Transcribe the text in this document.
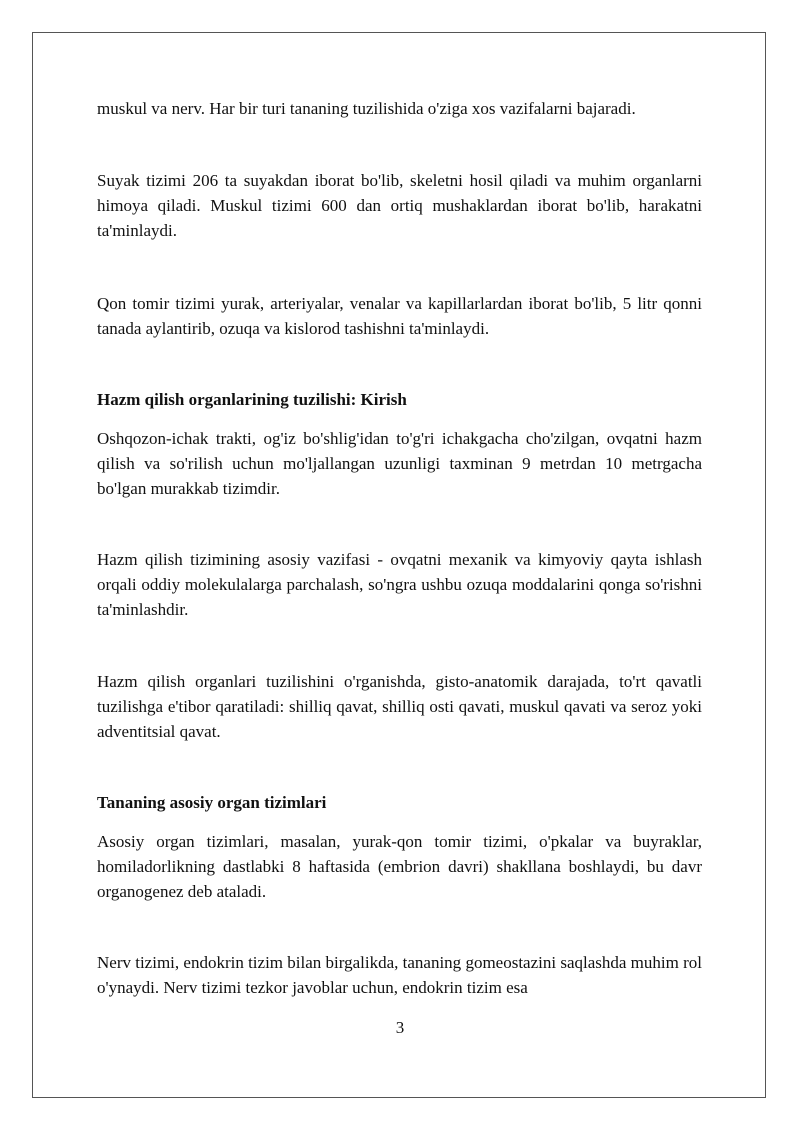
muskul va nerv. Har bir turi tananing tuzilishida o'ziga xos vazifalarni bajaradi.

Suyak tizimi 206 ta suyakdan iborat bo'lib, skeletni hosil qiladi va muhim organlarni himoya qiladi. Muskul tizimi 600 dan ortiq mushaklardan iborat bo'lib, harakatni ta'minlaydi.

Qon tomir tizimi yurak, arteriyalar, venalar va kapillarlardan iborat bo'lib, 5 litr qonni tanada aylantirib, ozuqa va kislorod tashishni ta'minlaydi.

Hazm qilish organlarining tuzilishi: Kirish

Oshqozon-ichak trakti, og'iz bo'shlig'idan to'g'ri ichakgacha cho'zilgan, ovqatni hazm qilish va so'rilish uchun mo'ljallangan uzunligi taxminan 9 metrdan 10 metrgacha bo'lgan murakkab tizimdir.

Hazm qilish tizimining asosiy vazifasi - ovqatni mexanik va kimyoviy qayta ishlash orqali oddiy molekulalarga parchalash, so'ngra ushbu ozuqa moddalarini qonga so'rishni ta'minlashdir.

Hazm qilish organlari tuzilishini o'rganishda, gisto-anatomik darajada, to'rt qavatli tuzilishga e'tibor qaratiladi: shilliq qavat, shilliq osti qavati, muskul qavati va seroz yoki adventitsial qavat.

Tananing asosiy organ tizimlari

Asosiy organ tizimlari, masalan, yurak-qon tomir tizimi, o'pkalar va buyraklar, homiladorlikning dastlabki 8 haftasida (embrion davri) shakllana boshlaydi, bu davr organogenez deb ataladi.

Nerv tizimi, endokrin tizim bilan birgalikda, tananing gomeostazini saqlashda muhim rol o'ynaydi. Nerv tizimi tezkor javoblar uchun, endokrin tizim esa

3
